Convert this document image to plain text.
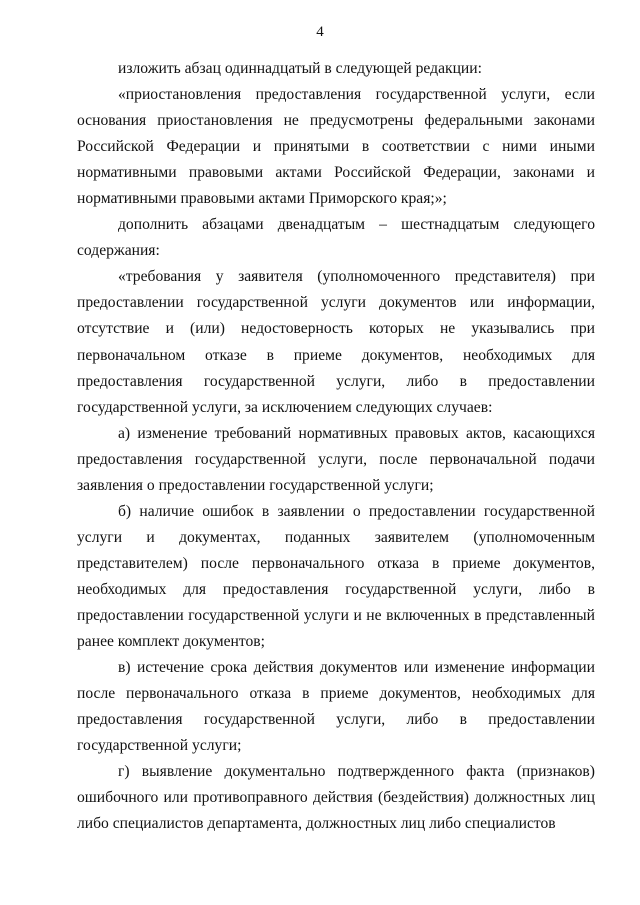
4

изложить абзац одиннадцатый в следующей редакции:

«приостановления предоставления государственной услуги, если основания приостановления не предусмотрены федеральными законами Российской Федерации и принятыми в соответствии с ними иными нормативными правовыми актами Российской Федерации, законами и нормативными правовыми актами Приморского края;»;

дополнить абзацами двенадцатым – шестнадцатым следующего содержания:

«требования у заявителя (уполномоченного представителя) при предоставлении государственной услуги документов или информации, отсутствие и (или) недостоверность которых не указывались при первоначальном отказе в приеме документов, необходимых для предоставления государственной услуги, либо в предоставлении государственной услуги, за исключением следующих случаев:

а) изменение требований нормативных правовых актов, касающихся предоставления государственной услуги, после первоначальной подачи заявления о предоставлении государственной услуги;

б) наличие ошибок в заявлении о предоставлении государственной услуги и документах, поданных заявителем (уполномоченным представителем) после первоначального отказа в приеме документов, необходимых для предоставления государственной услуги, либо в предоставлении государственной услуги и не включенных в представленный ранее комплект документов;

в) истечение срока действия документов или изменение информации после первоначального отказа в приеме документов, необходимых для предоставления государственной услуги, либо в предоставлении государственной услуги;

г) выявление документально подтвержденного факта (признаков) ошибочного или противоправного действия (бездействия) должностных лиц либо специалистов департамента, должностных лиц либо специалистов
